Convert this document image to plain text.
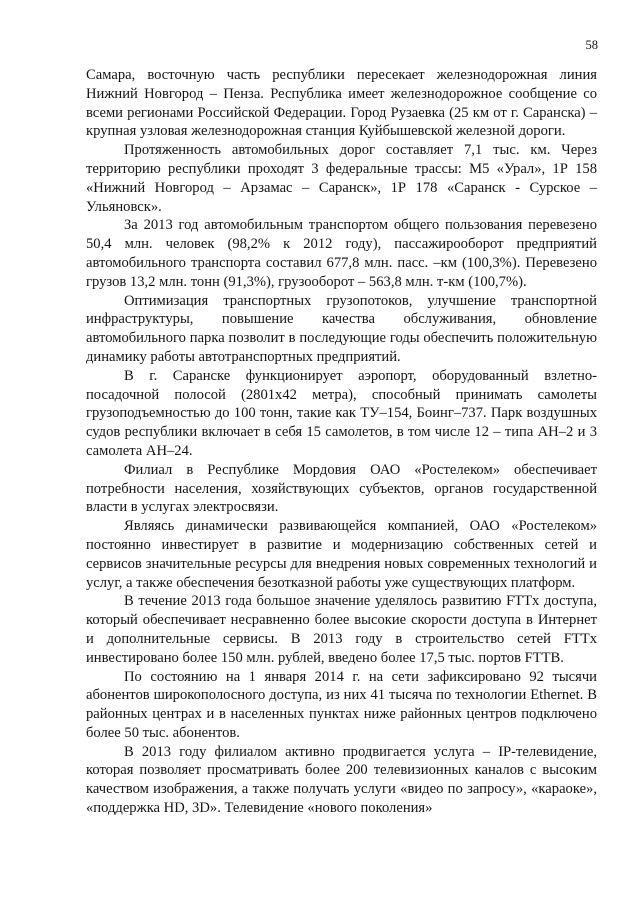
58

Самара, восточную часть республики пересекает железнодорожная линия Нижний Новгород – Пенза. Республика имеет железнодорожное сообщение со всеми регионами Российской Федерации. Город Рузаевка (25 км от г. Саранска) – крупная узловая железнодорожная станция Куйбышевской железной дороги.

Протяженность автомобильных дорог составляет 7,1 тыс. км. Через территорию республики проходят 3 федеральные трассы: М5 «Урал», 1Р 158 «Нижний Новгород – Арзамас – Саранск», 1Р 178 «Саранск - Сурское – Ульяновск».

За 2013 год автомобильным транспортом общего пользования перевезено 50,4 млн. человек (98,2% к 2012 году), пассажирооборот предприятий автомобильного транспорта составил 677,8 млн. пасс. –км (100,3%). Перевезено грузов 13,2 млн. тонн (91,3%), грузооборот – 563,8 млн. т-км (100,7%).

Оптимизация транспортных грузопотоков, улучшение транспортной инфраструктуры, повышение качества обслуживания, обновление автомобильного парка позволит в последующие годы обеспечить положительную динамику работы автотранспортных предприятий.

В г. Саранске функционирует аэропорт, оборудованный взлетно-посадочной полосой (2801х42 метра), способный принимать самолеты грузоподъемностью до 100 тонн, такие как ТУ–154, Боинг–737. Парк воздушных судов республики включает в себя 15 самолетов, в том числе 12 – типа АН–2 и 3 самолета АН–24.

Филиал в Республике Мордовия ОАО «Ростелеком» обеспечивает потребности населения, хозяйствующих субъектов, органов государственной власти в услугах электросвязи.

Являясь динамически развивающейся компанией, ОАО «Ростелеком» постоянно инвестирует в развитие и модернизацию собственных сетей и сервисов значительные ресурсы для внедрения новых современных технологий и услуг, а также обеспечения безотказной работы уже существующих платформ.

В течение 2013 года большое значение уделялось развитию FTTx доступа, который обеспечивает несравненно более высокие скорости доступа в Интернет и дополнительные сервисы. В 2013 году в строительство сетей FTTx инвестировано более 150 млн. рублей, введено более 17,5 тыс. портов FTTB.

По состоянию на 1 января 2014 г. на сети зафиксировано 92 тысячи абонентов широкополосного доступа, из них 41 тысяча по технологии Ethernet. В районных центрах и в населенных пунктах ниже районных центров подключено более 50 тыс. абонентов.

В 2013 году филиалом активно продвигается услуга – IP-телевидение, которая позволяет просматривать более 200 телевизионных каналов с высоким качеством изображения, а также получать услуги «видео по запросу», «караоке», «поддержка HD, 3D». Телевидение «нового поколения»
